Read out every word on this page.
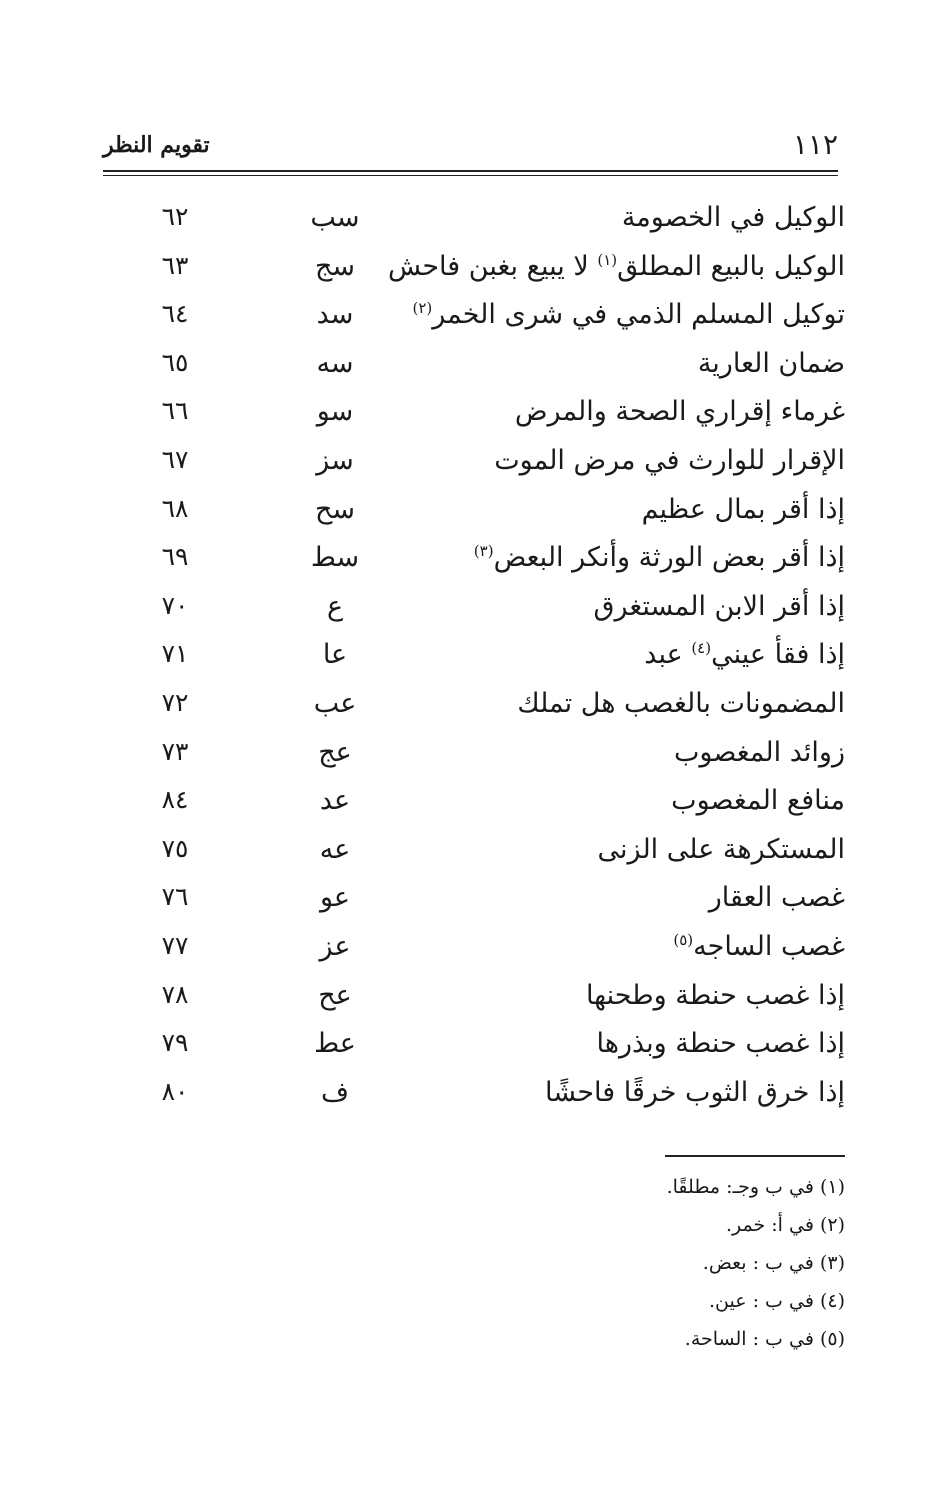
١١٢
تقويم النظر
الوكيل في الخصومة
سب
٦٢
الوكيل بالبيع المطلق$^{(١)}$ لا يبيع بغبن فاحش
سج
٦٣
توكيل المسلم الذمي في شرى الخمر$^{(٢)}$
سد
٦٤
ضمان العارية
سه
٦٥
غرماء إقراري الصحة والمرض
سو
٦٦
الإقرار للوارث في مرض الموت
سز
٦٧
إذا أقر بمال عظيم
سح
٦٨
إذا أقر بعض الورثة وأنكر البعض$^{(٣)}$
سط
٦٩
إذا أقر الابن المستغرق
ع
٧٠
إذا فقأ عيني$^{(٤)}$ عبد
عا
٧١
المضمونات بالغصب هل تملك
عب
٧٢
زوائد المغصوب
عج
٧٣
منافع المغصوب
عد
٨٤
المستكرهة على الزنى
عه
٧٥
غصب العقار
عو
٧٦
غصب الساجه$^{(٥)}$
عز
٧٧
إذا غصب حنطة وطحنها
عح
٧٨
إذا غصب حنطة وبذرها
عط
٧٩
إذا خرق الثوب خرقًا فاحشًا
ف
٨٠
(١) في ب وجـ: مطلقًا.
(٢) في أ: خمر.
(٣) في ب : بعض.
(٤) في ب : عين.
(٥) في ب : الساحة.
